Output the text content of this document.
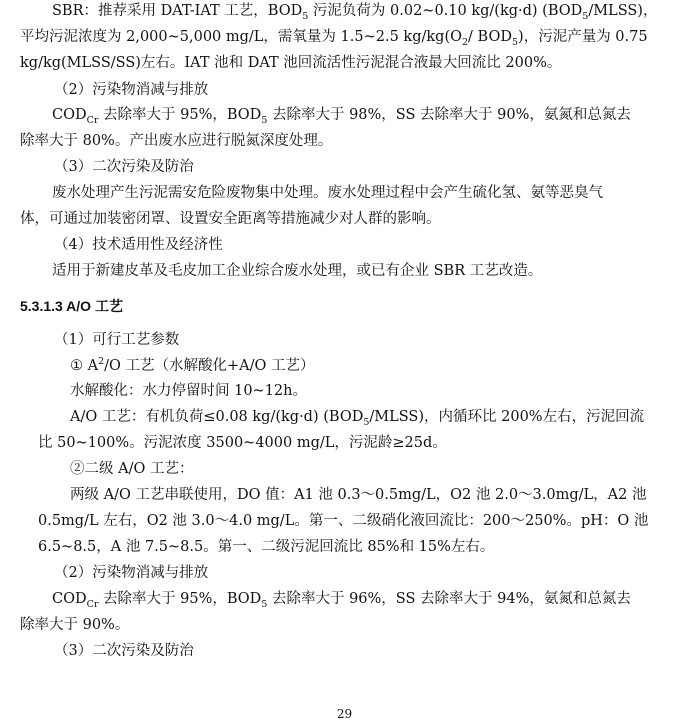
SBR：推荐采用 DAT-IAT 工艺，$BOD_5$ 污泥负荷为 0.02~0.10 kg/(kg·d) $(BOD_5/MLSS)$，
平均污泥浓度为 2,000~5,000 mg/L，需氧量为 1.5~2.5 $kg/kg(O_2/$ $BOD_5$)，污泥产量为 0.75
kg/kg(MLSS/SS)左右。IAT 池和 DAT 池回流活性污泥混合液最大回流比 200%。
（2）污染物消减与排放
$COD_{Cr}$ 去除率大于 95%，$BOD_5$ 去除率大于 98%，SS 去除率大于 90%，氨氮和总氮去
除率大于 80%。产出废水应进行脱氮深度处理。
（3）二次污染及防治
废水处理产生污泥需安危险废物集中处理。废水处理过程中会产生硫化氢、氨等恶臭气
体，可通过加装密闭罩、设置安全距离等措施减少对人群的影响。
（4）技术适用性及经济性
适用于新建皮革及毛皮加工企业综合废水处理，或已有企业 SBR 工艺改造。
5.3.1.3 A/O 工艺
（1）可行工艺参数
① $A^2/O$ 工艺（水解酸化+A/O 工艺）
水解酸化：水力停留时间 10~12h。
A/O 工艺：有机负荷≤0.08 kg/(kg·d) $(BOD_5/MLSS)$，内循环比 200%左右，污泥回流
比 50~100%。污泥浓度 3500~4000 mg/L，污泥龄≥25d。
②二级 A/O 工艺：
两级 A/O 工艺串联使用，DO 值：A1 池 0.3～0.5mg/L，O2 池 2.0～3.0mg/L，A2 池
0.5mg/L 左右，O2 池 3.0～4.0 mg/L。第一、二级硝化液回流比：200～250%。pH：O 池
6.5~8.5，A 池 7.5~8.5。第一、二级污泥回流比 85%和 15%左右。
（2）污染物消减与排放
$COD_{Cr}$ 去除率大于 95%，$BOD_5$ 去除率大于 96%，SS 去除率大于 94%，氨氮和总氮去
除率大于 90%。
（3）二次污染及防治
29
